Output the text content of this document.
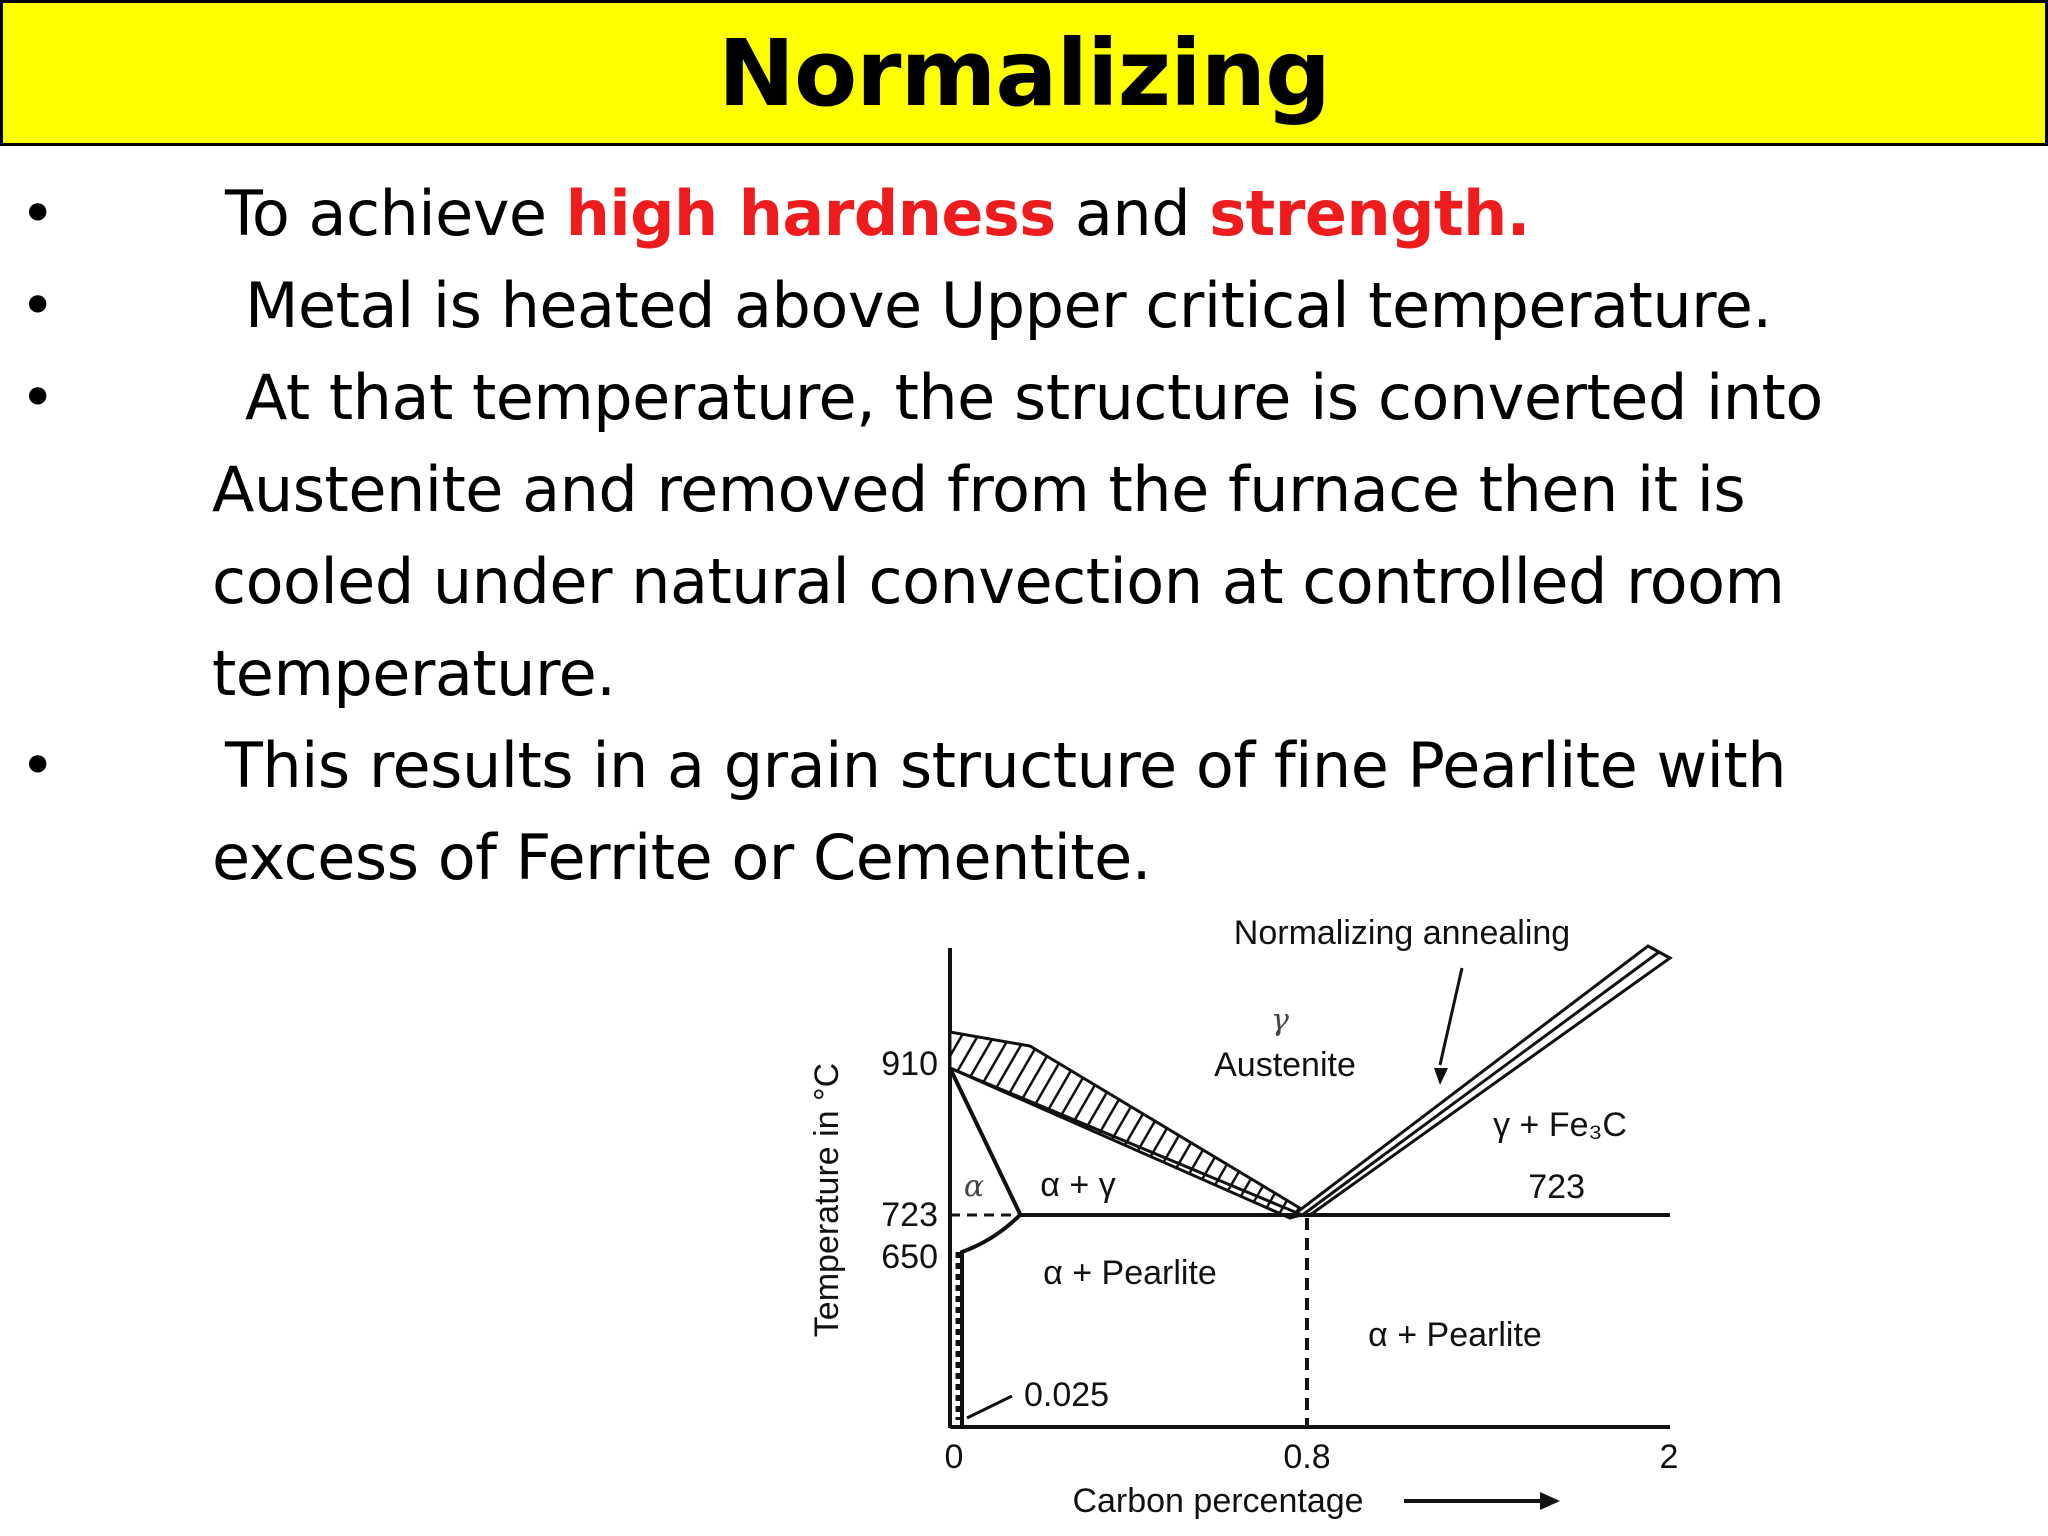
Normalizing
•	To achieve high hardness and strength.
•	Metal is heated above Upper critical temperature.
•	At that temperature, the structure is converted into
Austenite and removed from the furnace then it is
cooled under natural convection at controlled room
temperature.
•	This results in a grain structure of fine Pearlite with
excess of Ferrite or Cementite.
Normalizing annealing
γ
Austenite
γ + Fe₃C
723
α α + γ
α + Pearlite
α + Pearlite
0.025
910
723
650
0	0.8	2
Temperature in °C
Carbon percentage
